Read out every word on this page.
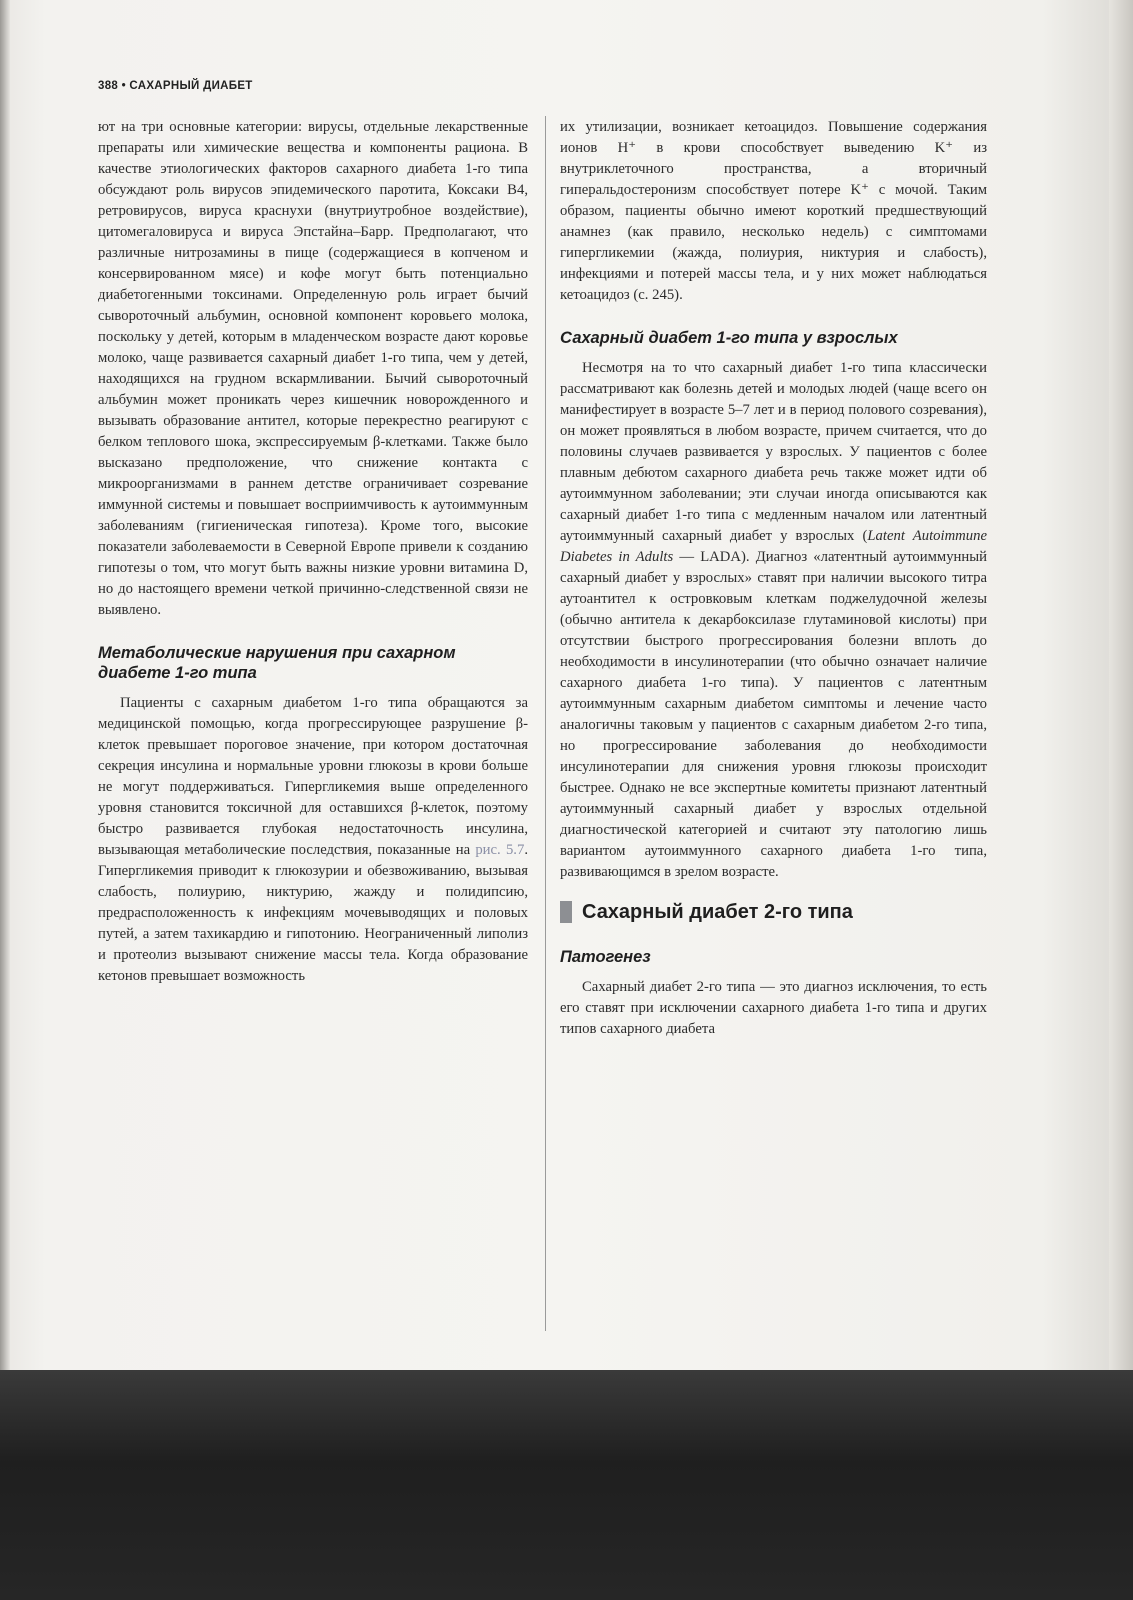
388 • САХАРНЫЙ ДИАБЕТ

ют на три основные категории: вирусы, отдельные лекарственные препараты или химические вещества и компоненты рациона. В качестве этиологических факторов сахарного диабета 1-го типа обсуждают роль вирусов эпидемического паротита, Коксаки В4, ретровирусов, вируса краснухи (внутриутробное воздействие), цитомегаловируса и вируса Эпстайна–Барр. Предполагают, что различные нитрозамины в пище (содержащиеся в копченом и консервированном мясе) и кофе могут быть потенциально диабетогенными токсинами. Определенную роль играет бычий сывороточный альбумин, основной компонент коровьего молока, поскольку у детей, которым в младенческом возрасте дают коровье молоко, чаще развивается сахарный диабет 1-го типа, чем у детей, находящихся на грудном вскармливании. Бычий сывороточный альбумин может проникать через кишечник новорожденного и вызывать образование антител, которые перекрестно реагируют с белком теплового шока, экспрессируемым β-клетками. Также было высказано предположение, что снижение контакта с микроорганизмами в раннем детстве ограничивает созревание иммунной системы и повышает восприимчивость к аутоиммунным заболеваниям (гигиеническая гипотеза). Кроме того, высокие показатели заболеваемости в Северной Европе привели к созданию гипотезы о том, что могут быть важны низкие уровни витамина D, но до настоящего времени четкой причинно-следственной связи не выявлено.

Метаболические нарушения при сахарном диабете 1-го типа

Пациенты с сахарным диабетом 1-го типа обращаются за медицинской помощью, когда прогрессирующее разрушение β-клеток превышает пороговое значение, при котором достаточная секреция инсулина и нормальные уровни глюкозы в крови больше не могут поддерживаться. Гипергликемия выше определенного уровня становится токсичной для оставшихся β-клеток, поэтому быстро развивается глубокая недостаточность инсулина, вызывающая метаболические последствия, показанные на рис. 5.7. Гипергликемия приводит к глюкозурии и обезвоживанию, вызывая слабость, полиурию, никтурию, жажду и полидипсию, предрасположенность к инфекциям мочевыводящих и половых путей, а затем тахикардию и гипотонию. Неограниченный липолиз и протеолиз вызывают снижение массы тела. Когда образование кетонов превышает возможность

их утилизации, возникает кетоацидоз. Повышение содержания ионов H⁺ в крови способствует выведению K⁺ из внутриклеточного пространства, а вторичный гиперальдостеронизм способствует потере K⁺ с мочой. Таким образом, пациенты обычно имеют короткий предшествующий анамнез (как правило, несколько недель) с симптомами гипергликемии (жажда, полиурия, никтурия и слабость), инфекциями и потерей массы тела, и у них может наблюдаться кетоацидоз (с. 245).

Сахарный диабет 1-го типа у взрослых

Несмотря на то что сахарный диабет 1-го типа классически рассматривают как болезнь детей и молодых людей (чаще всего он манифестирует в возрасте 5–7 лет и в период полового созревания), он может проявляться в любом возрасте, причем считается, что до половины случаев развивается у взрослых. У пациентов с более плавным дебютом сахарного диабета речь также может идти об аутоиммунном заболевании; эти случаи иногда описываются как сахарный диабет 1-го типа с медленным началом или латентный аутоиммунный сахарный диабет у взрослых (Latent Autoimmune Diabetes in Adults — LADA). Диагноз «латентный аутоиммунный сахарный диабет у взрослых» ставят при наличии высокого титра аутоантител к островковым клеткам поджелудочной железы (обычно антитела к декарбоксилазе глутаминовой кислоты) при отсутствии быстрого прогрессирования болезни вплоть до необходимости в инсулинотерапии (что обычно означает наличие сахарного диабета 1-го типа). У пациентов с латентным аутоиммунным сахарным диабетом симптомы и лечение часто аналогичны таковым у пациентов с сахарным диабетом 2-го типа, но прогрессирование заболевания до необходимости инсулинотерапии для снижения уровня глюкозы происходит быстрее. Однако не все экспертные комитеты признают латентный аутоиммунный сахарный диабет у взрослых отдельной диагностической категорией и считают эту патологию лишь вариантом аутоиммунного сахарного диабета 1-го типа, развивающимся в зрелом возрасте.

Сахарный диабет 2-го типа
Патогенез

Сахарный диабет 2-го типа — это диагноз исключения, то есть его ставят при исключении сахарного диабета 1-го типа и других типов сахарного диабета
